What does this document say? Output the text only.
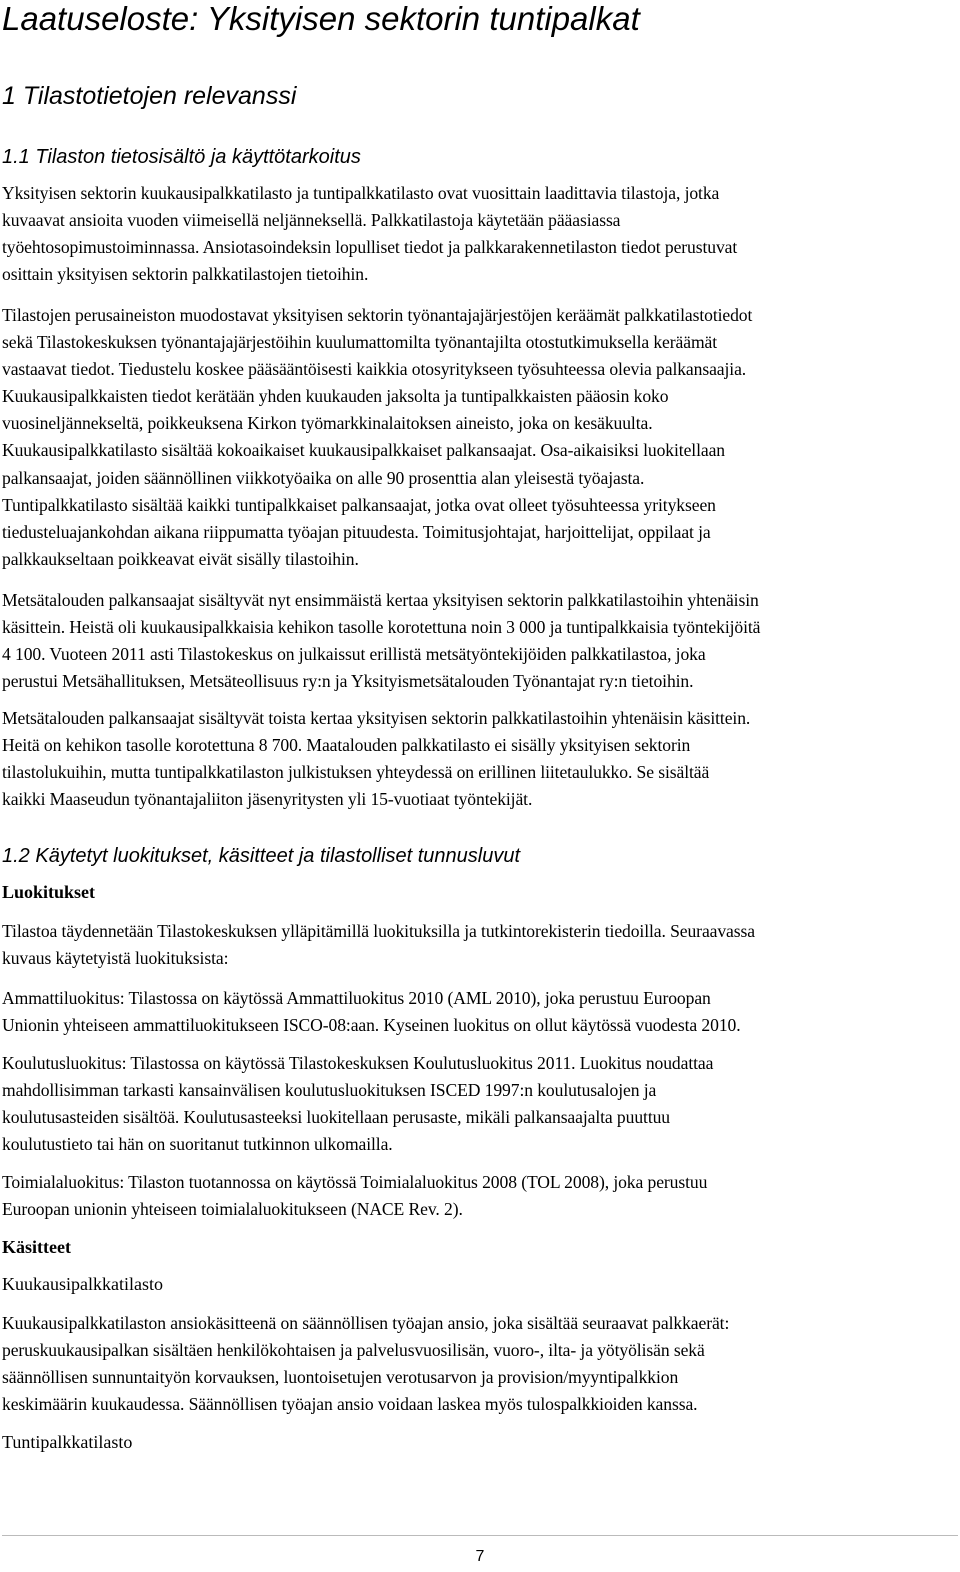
Laatuseloste: Yksityisen sektorin tuntipalkat
1 Tilastotietojen relevanssi
1.1 Tilaston tietosisältö ja käyttötarkoitus
Yksityisen sektorin kuukausipalkkatilasto ja tuntipalkkatilasto ovat vuosittain laadittavia tilastoja, jotka
kuvaavat ansioita vuoden viimeisellä neljänneksellä. Palkkatilastoja käytetään pääasiassa
työehtosopimustoiminnassa. Ansiotasoindeksin lopulliset tiedot ja palkkarakennetilaston tiedot perustuvat
osittain yksityisen sektorin palkkatilastojen tietoihin.
Tilastojen perusaineiston muodostavat yksityisen sektorin työnantajajärjestöjen keräämät palkkatilastotiedot
sekä Tilastokeskuksen työnantajajärjestöihin kuulumattomilta työnantajilta otostutkimuksella keräämät
vastaavat tiedot. Tiedustelu koskee pääsääntöisesti kaikkia otosyritykseen työsuhteessa olevia palkansaajia.
Kuukausipalkkaisten tiedot kerätään yhden kuukauden jaksolta ja tuntipalkkaisten pääosin koko
vuosineljännekseltä, poikkeuksena Kirkon työmarkkinalaitoksen aineisto, joka on kesäkuulta.
Kuukausipalkkatilasto sisältää kokoaikaiset kuukausipalkkaiset palkansaajat. Osa-aikaisiksi luokitellaan
palkansaajat, joiden säännöllinen viikkotyöaika on alle 90 prosenttia alan yleisestä työajasta.
Tuntipalkkatilasto sisältää kaikki tuntipalkkaiset palkansaajat, jotka ovat olleet työsuhteessa yritykseen
tiedusteluajankohdan aikana riippumatta työajan pituudesta. Toimitusjohtajat, harjoittelijat, oppilaat ja
palkkaukseltaan poikkeavat eivät sisälly tilastoihin.
Metsätalouden palkansaajat sisältyvät nyt ensimmäistä kertaa yksityisen sektorin palkkatilastoihin yhtenäisin
käsittein. Heistä oli kuukausipalkkaisia kehikon tasolle korotettuna noin 3 000 ja tuntipalkkaisia työntekijöitä
4 100. Vuoteen 2011 asti Tilastokeskus on julkaissut erillistä metsätyöntekijöiden palkkatilastoa, joka
perustui Metsähallituksen, Metsäteollisuus ry:n ja Yksityismetsätalouden Työnantajat ry:n tietoihin.
Metsätalouden palkansaajat sisältyvät toista kertaa yksityisen sektorin palkkatilastoihin yhtenäisin käsittein.
Heitä on kehikon tasolle korotettuna 8 700. Maatalouden palkkatilasto ei sisälly yksityisen sektorin
tilastolukuihin, mutta tuntipalkkatilaston julkistuksen yhteydessä on erillinen liitetaulukko. Se sisältää
kaikki Maaseudun työnantajaliiton jäsenyritysten yli 15-vuotiaat työntekijät.
1.2 Käytetyt luokitukset, käsitteet ja tilastolliset tunnusluvut
Luokitukset
Tilastoa täydennetään Tilastokeskuksen ylläpitämillä luokituksilla ja tutkintorekisterin tiedoilla. Seuraavassa
kuvaus käytetyistä luokituksista:
Ammattiluokitus: Tilastossa on käytössä Ammattiluokitus 2010 (AML 2010), joka perustuu Euroopan
Unionin yhteiseen ammattiluokitukseen ISCO-08:aan. Kyseinen luokitus on ollut käytössä vuodesta 2010.
Koulutusluokitus: Tilastossa on käytössä Tilastokeskuksen Koulutusluokitus 2011. Luokitus noudattaa
mahdollisimman tarkasti kansainvälisen koulutusluokituksen ISCED 1997:n koulutusalojen ja
koulutusasteiden sisältöä. Koulutusasteeksi luokitellaan perusaste, mikäli palkansaajalta puuttuu
koulutustieto tai hän on suoritanut tutkinnon ulkomailla.
Toimialaluokitus: Tilaston tuotannossa on käytössä Toimialaluokitus 2008 (TOL 2008), joka perustuu
Euroopan unionin yhteiseen toimialaluokitukseen (NACE Rev. 2).
Käsitteet
Kuukausipalkkatilasto
Kuukausipalkkatilaston ansiokäsitteenä on säännöllisen työajan ansio, joka sisältää seuraavat palkkaerät:
peruskuukausipalkan sisältäen henkilökohtaisen ja palvelusvuosilisän, vuoro-, ilta- ja yötyölisän sekä
säännöllisen sunnuntaityön korvauksen, luontoisetujen verotusarvon ja provision/myyntipalkkion
keskimäärin kuukaudessa. Säännöllisen työajan ansio voidaan laskea myös tulospalkkioiden kanssa.
Tuntipalkkatilasto
7
